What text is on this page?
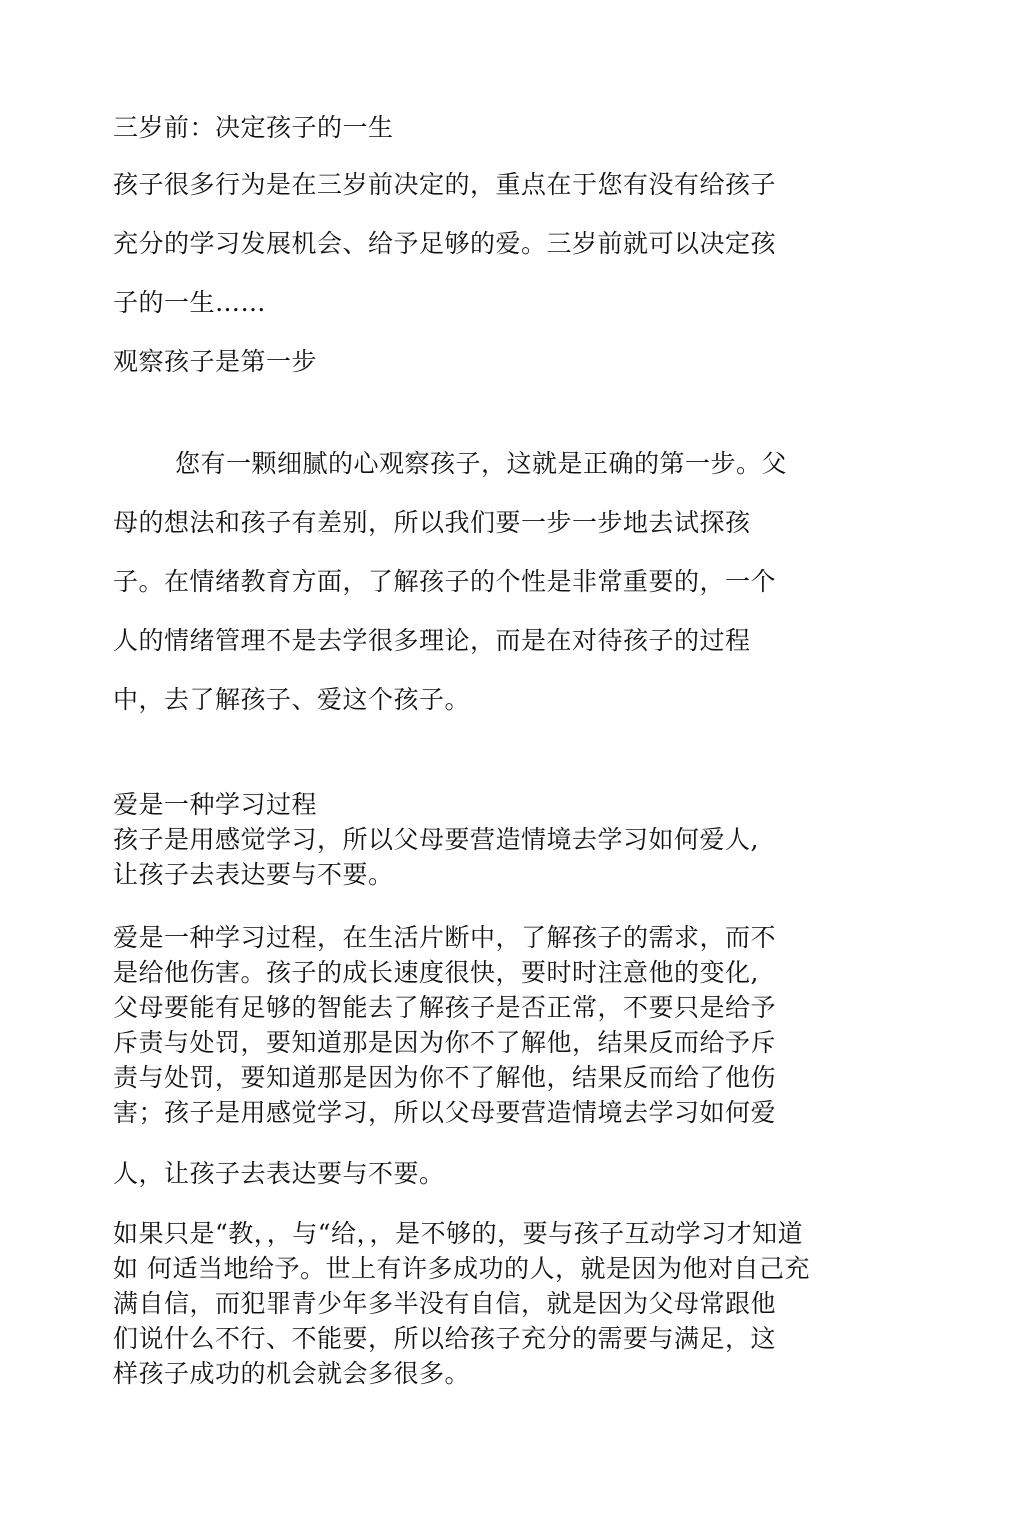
三岁前：决定孩子的一生
孩子很多行为是在三岁前决定的，重点在于您有没有给孩子
充分的学习发展机会、给予足够的爱。三岁前就可以决定孩
子的一生……
观察孩子是第一步
您有一颗细腻的心观察孩子，这就是正确的第一步。父
母的想法和孩子有差别，所以我们要一步一步地去试探孩
子。在情绪教育方面，了解孩子的个性是非常重要的，一个
人的情绪管理不是去学很多理论，而是在对待孩子的过程
中，去了解孩子、爱这个孩子。
爱是一种学习过程
孩子是用感觉学习，所以父母要营造情境去学习如何爱人,
让孩子去表达要与不要。
爱是一种学习过程，在生活片断中，了解孩子的需求，而不
是给他伤害。孩子的成长速度很快，要时时注意他的变化,
父母要能有足够的智能去了解孩子是否正常，不要只是给予
斥责与处罚，要知道那是因为你不了解他，结果反而给予斥
责与处罚，要知道那是因为你不了解他，结果反而给了他伤
害；孩子是用感觉学习，所以父母要营造情境去学习如何爱
人，让孩子去表达要与不要。
如果只是“教，，与“给，，是不够的，要与孩子互动学习才知道
如 何适当地给予。世上有许多成功的人，就是因为他对自己充
满自信，而犯罪青少年多半没有自信，就是因为父母常跟他
们说什么不行、不能要，所以给孩子充分的需要与满足，这
样孩子成功的机会就会多很多。
